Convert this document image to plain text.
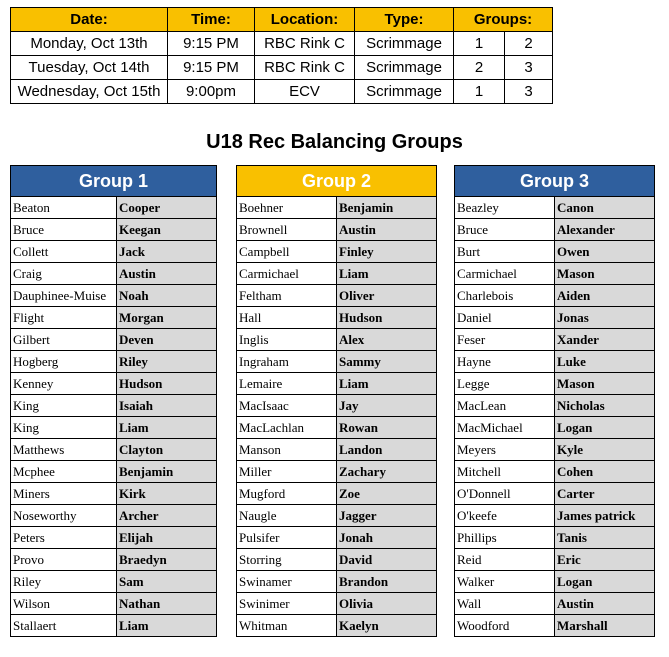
Date:	Time:	Location:	Type:	Groups:	
Monday, Oct 13th	9:15 PM	RBC Rink C	Scrimmage	1	2
Tuesday, Oct 14th	9:15 PM	RBC Rink C	Scrimmage	2	3
Wednesday, Oct 15th	9:00pm	ECV	Scrimmage	1	3
U18 Rec Balancing Groups
Group 1	
Beaton	Cooper
Bruce	Keegan
Collett	Jack
Craig	Austin
Dauphinee-Muise	Noah
Flight	Morgan
Gilbert	Deven
Hogberg	Riley
Kenney	Hudson
King	Isaiah
King	Liam
Matthews	Clayton
Mcphee	Benjamin
Miners	Kirk
Noseworthy	Archer
Peters	Elijah
Provo	Braedyn
Riley	Sam
Wilson	Nathan
Stallaert	Liam
Group 2	
Boehner	Benjamin
Brownell	Austin
Campbell	Finley
Carmichael	Liam
Feltham	Oliver
Hall	Hudson
Inglis	Alex
Ingraham	Sammy
Lemaire	Liam
MacIsaac	Jay
MacLachlan	Rowan
Manson	Landon
Miller	Zachary
Mugford	Zoe
Naugle	Jagger
Pulsifer	Jonah
Storring	David
Swinamer	Brandon
Swinimer	Olivia
Whitman	Kaelyn
Group 3	
Beazley	Canon
Bruce	Alexander
Burt	Owen
Carmichael	Mason
Charlebois	Aiden
Daniel	Jonas
Feser	Xander
Hayne	Luke
Legge	Mason
MacLean	Nicholas
MacMichael	Logan
Meyers	Kyle
Mitchell	Cohen
O'Donnell	Carter
O'keefe	James patrick
Phillips	Tanis
Reid	Eric
Walker	Logan
Wall	Austin
Woodford	Marshall
